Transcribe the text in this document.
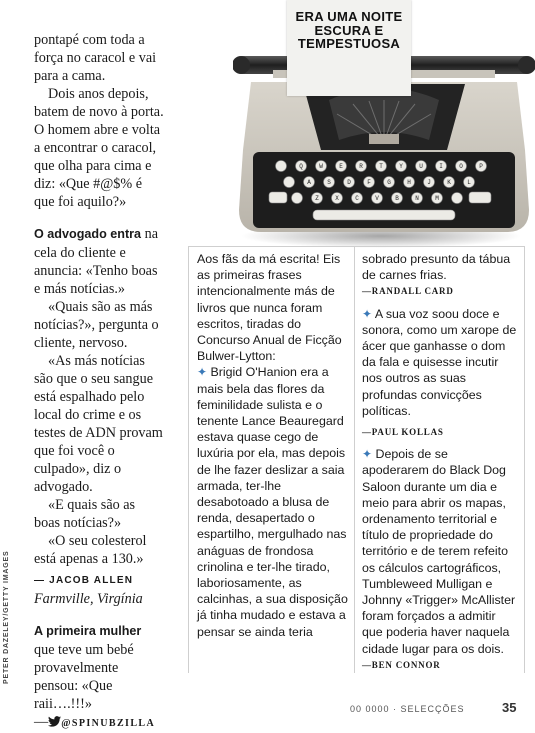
pontapé com toda a força no caracol e vai para a cama.

Dois anos depois, batem de novo à porta. O homem abre e volta a encontrar o caracol, que olha para cima e diz: «Que #@$% é que foi aquilo?»

O advogado entra na cela do cliente e anuncia: «Tenho boas e más notícias.»

«Quais são as más notícias?», pergunta o cliente, nervoso.

«As más notícias são que o seu sangue está espalhado pelo local do crime e os testes de ADN provam que foi você o culpado», diz o advogado.

«E quais são as boas notícias?»

«O seu colesterol está apenas a 130.»

— JACOB ALLEN

Farmville, Virgínia

A primeira mulher que teve um bebé provavelmente pensou: «Que raii….!!!»

— @SPINUBZILLA

PETER DAZELEY/GETTY IMAGES
Q	W	E	R	T	Y	U	I	O	P
A	S	D	F	G	H	J	K	L
Z	X	C	V	B	N	M
ERA UMA NOITE
ESCURA E
TEMPESTUOSA

Aos fãs da má escrita! Eis as primeiras frases intencionalmente más de livros que nunca foram escritos, tiradas do Concurso Anual de Ficção Bulwer-Lytton:

✦ Brigid O'Hanion era a mais bela das flores da feminilidade sulista e o tenente Lance Beauregard estava quase cego de luxúria por ela, mas depois de lhe fazer deslizar a saia armada, ter-lhe desabotoado a blusa de renda, desapertado o espartilho, mergulhado nas anáguas de frondosa crinolina e ter-lhe tirado, laboriosamente, as calcinhas, a sua disposição já tinha mudado e estava a pensar se ainda teria

sobrado presunto da tábua de carnes frias.

—RANDALL CARD

✦ A sua voz soou doce e sonora, como um xarope de ácer que ganhasse o dom da fala e quisesse incutir nos outros as suas profundas convicções políticas.

—PAUL KOLLAS

✦ Depois de se apoderarem do Black Dog Saloon durante um dia e meio para abrir os mapas, ordenamento territorial e título de propriedade do território e de terem refeito os cálculos cartográficos, Tumbleweed Mulligan e Johnny «Trigger» McAllister foram forçados a admitir que poderia haver naquela cidade lugar para os dois.

—BEN CONNOR

00 0000 · SELECÇÕES	35
